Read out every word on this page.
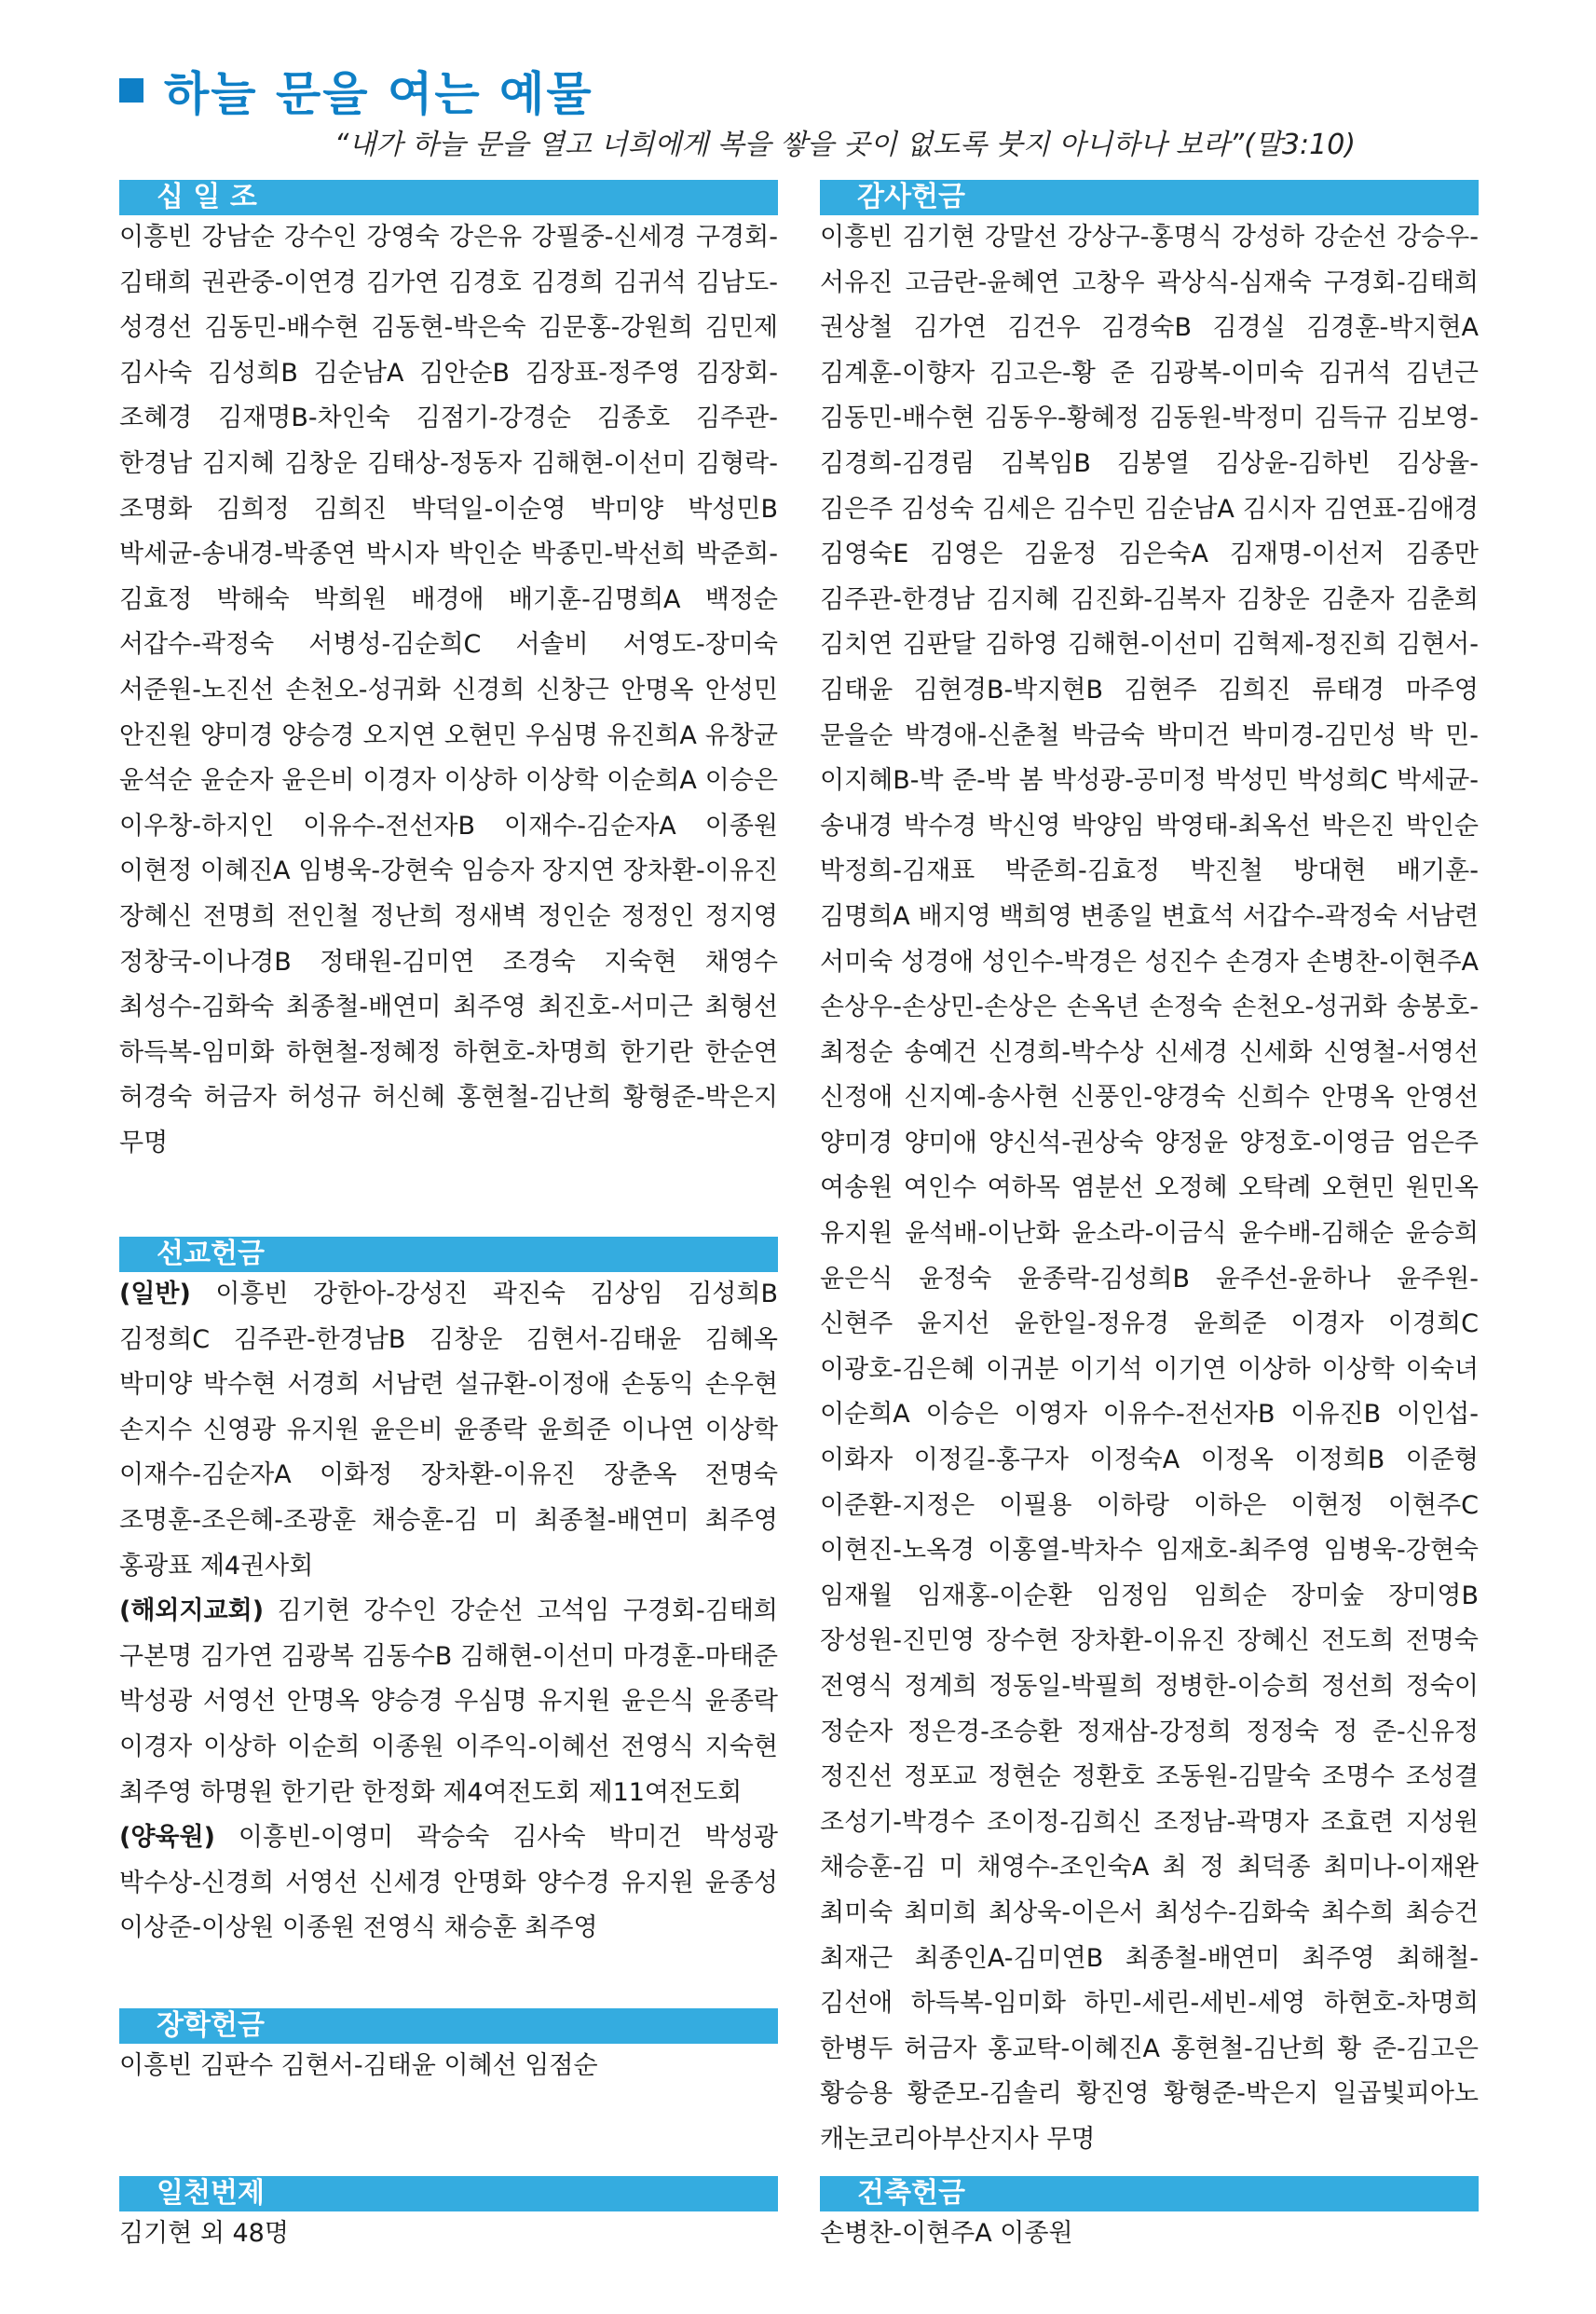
하늘 문을 여는 예물
“내가 하늘 문을 열고 너희에게 복을 쌓을 곳이 없도록 붓지 아니하나 보라”(말3:10)
십 일 조

이흥빈 강남순 강수인 강영숙 강은유 강필중-신세경 구경회-김태희 권관중-이연경 김가연 김경호 김경희 김귀석 김남도-성경선 김동민-배수현 김동현-박은숙 김문홍-강원희 김민제 김사숙 김성희B 김순남A 김안순B 김장표-정주영 김장회-조혜경 김재명B-차인숙 김점기-강경순 김종호 김주관-한경남 김지혜 김창운 김태상-정동자 김해현-이선미 김형락-조명화 김희정 김희진 박덕일-이순영 박미양 박성민B 박세균-송내경-박종연 박시자 박인순 박종민-박선희 박준희-김효정 박해숙 박희원 배경애 배기훈-김명희A 백정순 서갑수-곽정숙 서병성-김순희C 서솔비 서영도-장미숙 서준원-노진선 손천오-성귀화 신경희 신창근 안명옥 안성민 안진원 양미경 양승경 오지연 오현민 우심명 유진희A 유창균 윤석순 윤순자 윤은비 이경자 이상하 이상학 이순희A 이승은 이우창-하지인 이유수-전선자B 이재수-김순자A 이종원 이현정 이혜진A 임병욱-강현숙 임승자 장지연 장차환-이유진 장혜신 전명희 전인철 정난희 정새벽 정인순 정정인 정지영 정창국-이나경B 정태원-김미연 조경숙 지숙현 채영수 최성수-김화숙 최종철-배연미 최주영 최진호-서미근 최형선 하득복-임미화 하현철-정혜정 하현호-차명희 한기란 한순연 허경숙 허금자 허성규 허신혜 홍현철-김난희 황형준-박은지 무명

선교헌금

(일반) 이흥빈 강한아-강성진 곽진숙 김상임 김성희B 김정희C 김주관-한경남B 김창운 김현서-김태윤 김혜옥 박미양 박수현 서경희 서남련 설규환-이정애 손동익 손우현 손지수 신영광 유지원 윤은비 윤종락 윤희준 이나연 이상학 이재수-김순자A 이화정 장차환-이유진 장춘옥 전명숙 조명훈-조은혜-조광훈 채승훈-김 미 최종철-배연미 최주영 홍광표 제4권사회

(해외지교회) 김기현 강수인 강순선 고석임 구경회-김태희 구본명 김가연 김광복 김동수B 김해현-이선미 마경훈-마태준 박성광 서영선 안명옥 양승경 우심명 유지원 윤은식 윤종락 이경자 이상하 이순희 이종원 이주익-이혜선 전영식 지숙현 최주영 하명원 한기란 한정화 제4여전도회 제11여전도회

(양육원) 이흥빈-이영미 곽승숙 김사숙 박미건 박성광 박수상-신경희 서영선 신세경 안명화 양수경 유지원 윤종성 이상준-이상원 이종원 전영식 채승훈 최주영

장학헌금

이흥빈 김판수 김현서-김태윤 이혜선 임점순

일천번제

김기현 외 48명

감사헌금

이흥빈 김기현 강말선 강상구-홍명식 강성하 강순선 강승우-서유진 고금란-윤혜연 고창우 곽상식-심재숙 구경회-김태희 권상철 김가연 김건우 김경숙B 김경실 김경훈-박지현A 김계훈-이향자 김고은-황 준 김광복-이미숙 김귀석 김년근 김동민-배수현 김동우-황혜정 김동원-박정미 김득규 김보영-김경희-김경림 김복임B 김봉열 김상윤-김하빈 김상율-김은주 김성숙 김세은 김수민 김순남A 김시자 김연표-김애경 김영숙E 김영은 김윤정 김은숙A 김재명-이선저 김종만 김주관-한경남 김지혜 김진화-김복자 김창운 김춘자 김춘희 김치연 김판달 김하영 김해현-이선미 김혁제-정진희 김현서-김태윤 김현경B-박지현B 김현주 김희진 류태경 마주영 문을순 박경애-신춘철 박금숙 박미건 박미경-김민성 박 민-이지혜B-박 준-박 봄 박성광-공미정 박성민 박성희C 박세균-송내경 박수경 박신영 박양임 박영태-최옥선 박은진 박인순 박정희-김재표 박준희-김효정 박진철 방대현 배기훈-김명희A 배지영 백희영 변종일 변효석 서갑수-곽정숙 서남련 서미숙 성경애 성인수-박경은 성진수 손경자 손병찬-이현주A 손상우-손상민-손상은 손옥년 손정숙 손천오-성귀화 송봉호-최정순 송예건 신경희-박수상 신세경 신세화 신영철-서영선 신정애 신지예-송사현 신풍인-양경숙 신희수 안명옥 안영선 양미경 양미애 양신석-권상숙 양정윤 양정호-이영금 엄은주 여송원 여인수 여하목 염분선 오정혜 오탁례 오현민 원민옥 유지원 윤석배-이난화 윤소라-이금식 윤수배-김해순 윤승희 윤은식 윤정숙 윤종락-김성희B 윤주선-윤하나 윤주원-신현주 윤지선 윤한일-정유경 윤희준 이경자 이경희C 이광호-김은혜 이귀분 이기석 이기연 이상하 이상학 이숙녀 이순희A 이승은 이영자 이유수-전선자B 이유진B 이인섭-이화자 이정길-홍구자 이정숙A 이정옥 이정희B 이준형 이준환-지정은 이필용 이하랑 이하은 이현정 이현주C 이현진-노옥경 이홍열-박차수 임재호-최주영 임병욱-강현숙 임재월 임재홍-이순환 임정임 임희순 장미숲 장미영B 장성원-진민영 장수현 장차환-이유진 장혜신 전도희 전명숙 전영식 정계희 정동일-박필희 정병한-이승희 정선희 정숙이 정순자 정은경-조승환 정재삼-강정희 정정숙 정 준-신유정 정진선 정포교 정현순 정환호 조동원-김말숙 조명수 조성결 조성기-박경수 조이정-김희신 조정남-곽명자 조효련 지성원 채승훈-김 미 채영수-조인숙A 최 정 최덕종 최미나-이재완 최미숙 최미희 최상욱-이은서 최성수-김화숙 최수희 최승건 최재근 최종인A-김미연B 최종철-배연미 최주영 최해철-김선애 하득복-임미화 하민-세린-세빈-세영 하현호-차명희 한병두 허금자 홍교탁-이혜진A 홍현철-김난희 황 준-김고은 황승용 황준모-김솔리 황진영 황형준-박은지 일곱빛피아노 캐논코리아부산지사 무명

건축헌금

손병찬-이현주A 이종원
